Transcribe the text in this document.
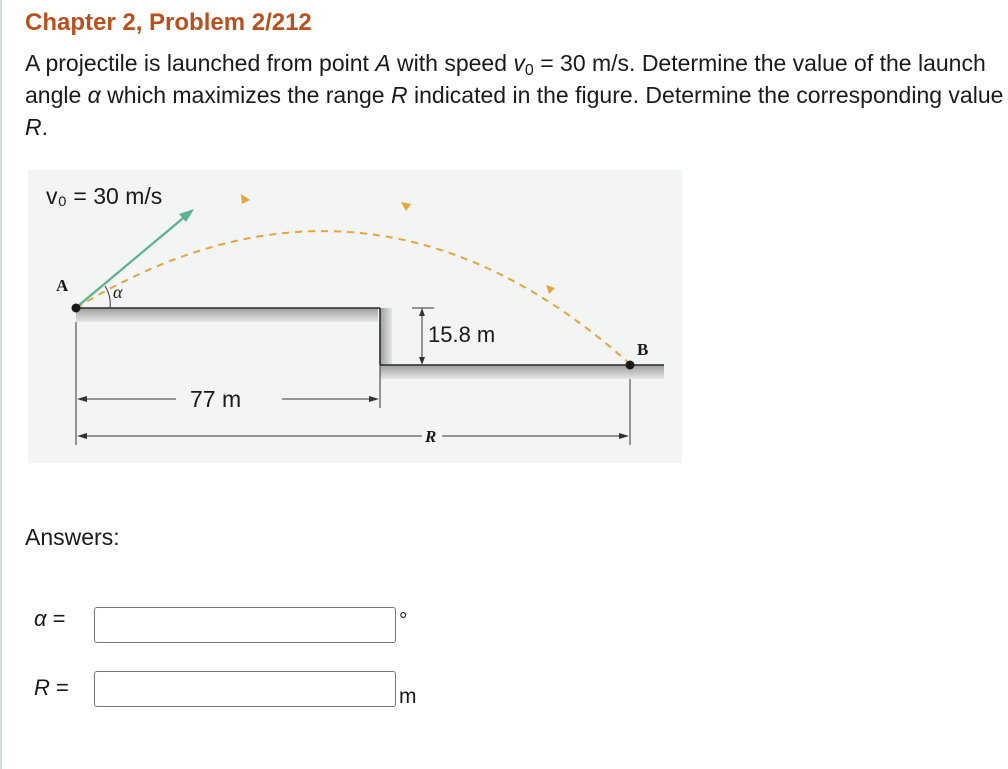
Chapter 2, Problem 2/212

A projectile is launched from point A with speed $v_0 = 30$ m/s. Determine the value of the launch angle α which maximizes the range R indicated in the figure. Determine the corresponding value R.

v₀ = 30 m/s
A α
B
15.8 m
77 m
R
Answers:
α =	°
R =	m
